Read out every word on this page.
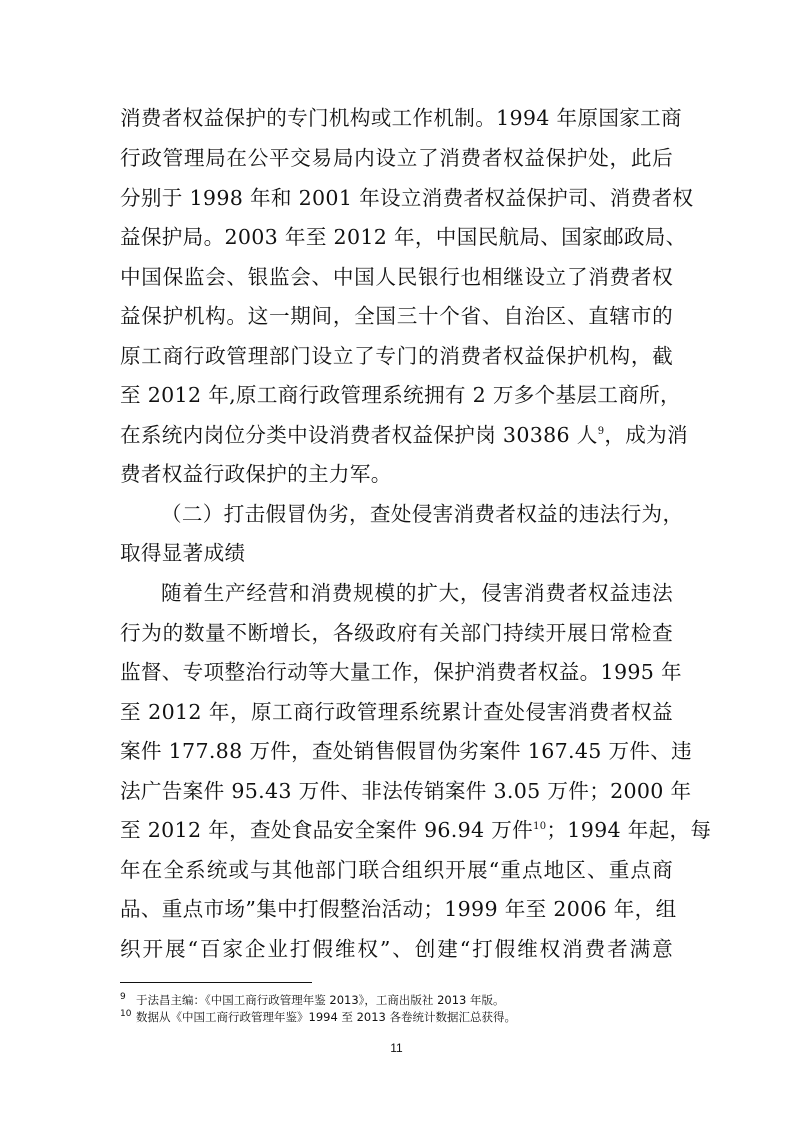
消费者权益保护的专门机构或工作机制。1994 年原国家工商
行政管理局在公平交易局内设立了消费者权益保护处，此后
分别于 1998 年和 2001 年设立消费者权益保护司、消费者权
益保护局。2003 年至 2012 年，中国民航局、国家邮政局、
中国保监会、银监会、中国人民银行也相继设立了消费者权
益保护机构。这一期间，全国三十个省、自治区、直辖市的
原工商行政管理部门设立了专门的消费者权益保护机构，截
至 2012 年,原工商行政管理系统拥有 2 万多个基层工商所，
在系统内岗位分类中设消费者权益保护岗 30386 人$^9$，成为消
费者权益行政保护的主力军。
（二）打击假冒伪劣，查处侵害消费者权益的违法行为，
取得显著成绩
随着生产经营和消费规模的扩大，侵害消费者权益违法
行为的数量不断增长，各级政府有关部门持续开展日常检查
监督、专项整治行动等大量工作，保护消费者权益。1995 年
至 2012 年，原工商行政管理系统累计查处侵害消费者权益
案件 177.88 万件，查处销售假冒伪劣案件 167.45 万件、违
法广告案件 95.43 万件、非法传销案件 3.05 万件；2000 年
至 2012 年，查处食品安全案件 96.94 万件$^{10}$；1994 年起，每
年在全系统或与其他部门联合组织开展“重点地区、重点商
品、重点市场”集中打假整治活动；1999 年至 2006 年，组
织开展“百家企业打假维权”、创建“打假维权消费者满意
9 于法昌主编：《中国工商行政管理年鉴 2013》，工商出版社 2013 年版。
10 数据从《中国工商行政管理年鉴》1994 至 2013 各卷统计数据汇总获得。
11
